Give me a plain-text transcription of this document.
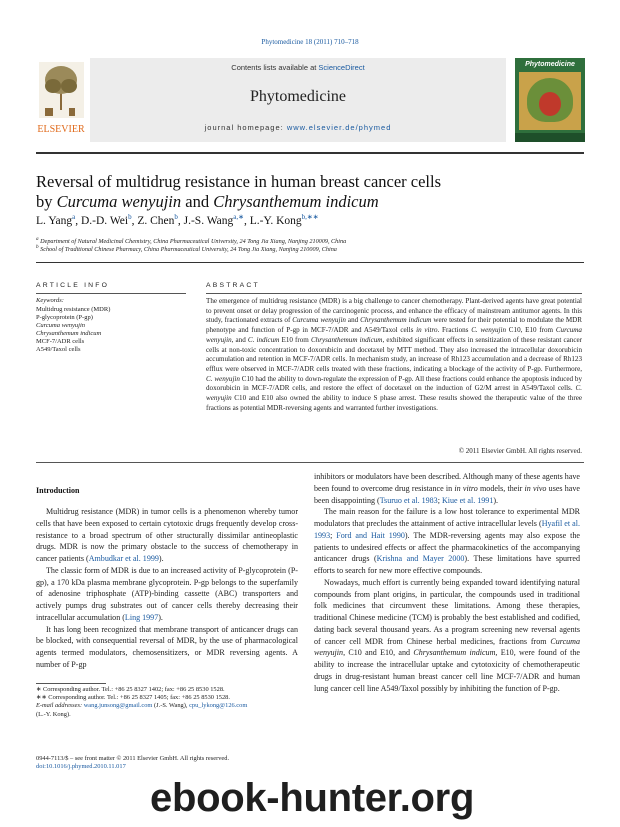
Phytomedicine 18 (2011) 710–718
ELSEVIER
Contents lists available at ScienceDirect
Phytomedicine
journal homepage: www.elsevier.de/phymed
Phytomedicine
Reversal of multidrug resistance in human breast cancer cells
by Curcuma wenyujin and Chrysanthemum indicum
L. Yang$^a$, D.-D. Wei$^b$, Z. Chen$^b$, J.-S. Wang$^{a,∗}$, L.-Y. Kong$^{b,∗∗}$
$^a$ Department of Natural Medicinal Chemistry, China Pharmaceutical University, 24 Tong Jia Xiang, Nanjing 210009, China
$^b$ School of Traditional Chinese Pharmacy, China Pharmaceutical University, 24 Tong Jia Xiang, Nanjing 210009, China
ARTICLE INFO	ABSTRACT
Keywords:
Multidrug resistance (MDR)
P-glycoprotein (P-gp)
Curcuma wenyujin
Chrysanthemum indicum
MCF-7/ADR cells
A549/Taxol cells
The emergence of multidrug resistance (MDR) is a big challenge to cancer chemotherapy. Plant-derived agents have great potential to prevent onset or delay progression of the carcinogenic process, and enhance the efficacy of mainstream antitumor agents. In this study, fractionated extracts of Curcuma wenyujin and Chrysanthemum indicum were tested for their potential to modulate the MDR phenotype and function of P-gp in MCF-7/ADR and A549/Taxol cells in vitro. Fractions C. wenyujin C10, E10 from Curcuma wenyujin, and C. indicum E10 from Chrysanthemum indicum, exhibited significant effects in sensitization of these resistant cancer cells at non-toxic concentration to doxorubicin and docetaxel by MTT method. They also increased the intracellular doxorubicin accumulation and retention in MCF-7/ADR cells. In mechanism study, an increase of Rh123 accumulation and a decrease of Rh123 efflux were observed in MCF-7/ADR cells treated with these fractions, indicating a blockage of the activity of P-gp. Furthermore, C. wenyujin C10 had the ability to down-regulate the expression of P-gp. All these fractions could enhance the apoptosis induced by doxorubicin in MCF-7/ADR cells, and restore the effect of docetaxel on the induction of G2/M arrest in A549/Taxol cells. C. wenyujin C10 and E10 also owned the ability to induce S phase arrest. These results showed the therapeutic value of the three fractions as potential MDR-reversing agents and warranted further investigations.
© 2011 Elsevier GmbH. All rights reserved.
Introduction

Multidrug resistance (MDR) in tumor cells is a phenomenon whereby tumor cells that have been exposed to certain cytotoxic drugs frequently develop cross-resistance to a broad spectrum of other structurally dissimilar antineoplastic drugs. MDR is now the primary obstacle to the success of chemotherapy in cancer patients (Ambudkar et al. 1999).

The classic form of MDR is due to an increased activity of P-glycoprotein (P-gp), a 170 kDa plasma membrane glycoprotein. P-gp belongs to the superfamily of adenosine triphosphate (ATP)-binding cassette (ABC) transporters and actively pumps drug substrates out of cancer cells thereby decreasing their intracellular accumulation (Ling 1997).

It has long been recognized that membrane transport of anticancer drugs can be blocked, with consequential reversal of MDR, by the use of pharmacological agents termed modulators, chemosensitizers, or MDR reversing agents. A number of P-gp

inhibitors or modulators have been described. Although many of these agents have been found to overcome drug resistance in in vitro models, their in vivo uses have been disappointing (Tsuruo et al. 1983; Kiue et al. 1991).

The main reason for the failure is a low host tolerance to experimental MDR modulators that precludes the attainment of active intracellular levels (Hyafil et al. 1993; Ford and Hait 1990). The MDR-reversing agents may also expose the patients to undesired effects or affect the pharmacokinetics of the accompanying anticancer drugs (Krishna and Mayer 2000). These limitations have spurred efforts to search for new more effective compounds.

Nowadays, much effort is currently being expanded toward identifying natural compounds from plant origins, in particular, the compounds used in traditional folk medicines that circumvent these limitations. Among these therapies, traditional Chinese medicine (TCM) is probably the best established and codified, dating back several thousand years. As a program screening new reversal agents of cancer cell MDR from Chinese herbal medicines, fractions from Curcuma wenyujin, C10 and E10, and Chrysanthemum indicum, E10, were found of the ability to increase the intracellular uptake and cytotoxicity of chemotherapeutic drugs in drug-resistant human breast cancer cell line MCF-7/ADR and human lung cancer cell line A549/Taxol possibly by inhibiting the function of P-gp.

∗ Corresponding author. Tel.: +86 25 8327 1402; fax: +86 25 8530 1528.
∗∗ Corresponding author. Tel.: +86 25 8327 1405; fax: +86 25 8530 1528.
E-mail addresses: wang.junsong@gmail.com (J.-S. Wang), cpu_lykong@126.com
(L.-Y. Kong).
0944-7113/$ – see front matter © 2011 Elsevier GmbH. All rights reserved.
doi:10.1016/j.phymed.2010.11.017
ebook-hunter.org
